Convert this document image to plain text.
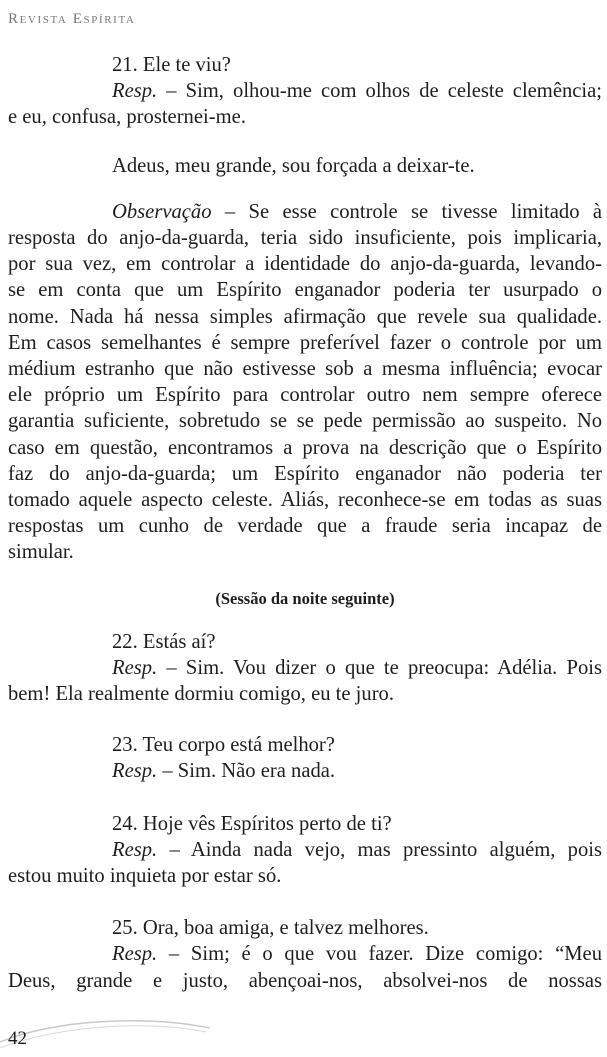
Revista Espírita
21. Ele te viu?
Resp. – Sim, olhou-me com olhos de celeste clemência;
e eu, confusa, prosternei-me.
Adeus, meu grande, sou forçada a deixar-te.
Observação – Se esse controle se tivesse limitado à
resposta do anjo-da-guarda, teria sido insuficiente, pois implicaria,
por sua vez, em controlar a identidade do anjo-da-guarda, levando-
se em conta que um Espírito enganador poderia ter usurpado o
nome. Nada há nessa simples afirmação que revele sua qualidade.
Em casos semelhantes é sempre preferível fazer o controle por um
médium estranho que não estivesse sob a mesma influência; evocar
ele próprio um Espírito para controlar outro nem sempre oferece
garantia suficiente, sobretudo se se pede permissão ao suspeito. No
caso em questão, encontramos a prova na descrição que o Espírito
faz do anjo-da-guarda; um Espírito enganador não poderia ter
tomado aquele aspecto celeste. Aliás, reconhece-se em todas as suas
respostas um cunho de verdade que a fraude seria incapaz de
simular.
(Sessão da noite seguinte)
22. Estás aí?
Resp. – Sim. Vou dizer o que te preocupa: Adélia. Pois
bem! Ela realmente dormiu comigo, eu te juro.
23. Teu corpo está melhor?
Resp. – Sim. Não era nada.
24. Hoje vês Espíritos perto de ti?
Resp. – Ainda nada vejo, mas pressinto alguém, pois
estou muito inquieta por estar só.
25. Ora, boa amiga, e talvez melhores.
Resp. – Sim; é o que vou fazer. Dize comigo: “Meu
Deus, grande e justo, abençoai-nos, absolvei-nos de nossas
42
